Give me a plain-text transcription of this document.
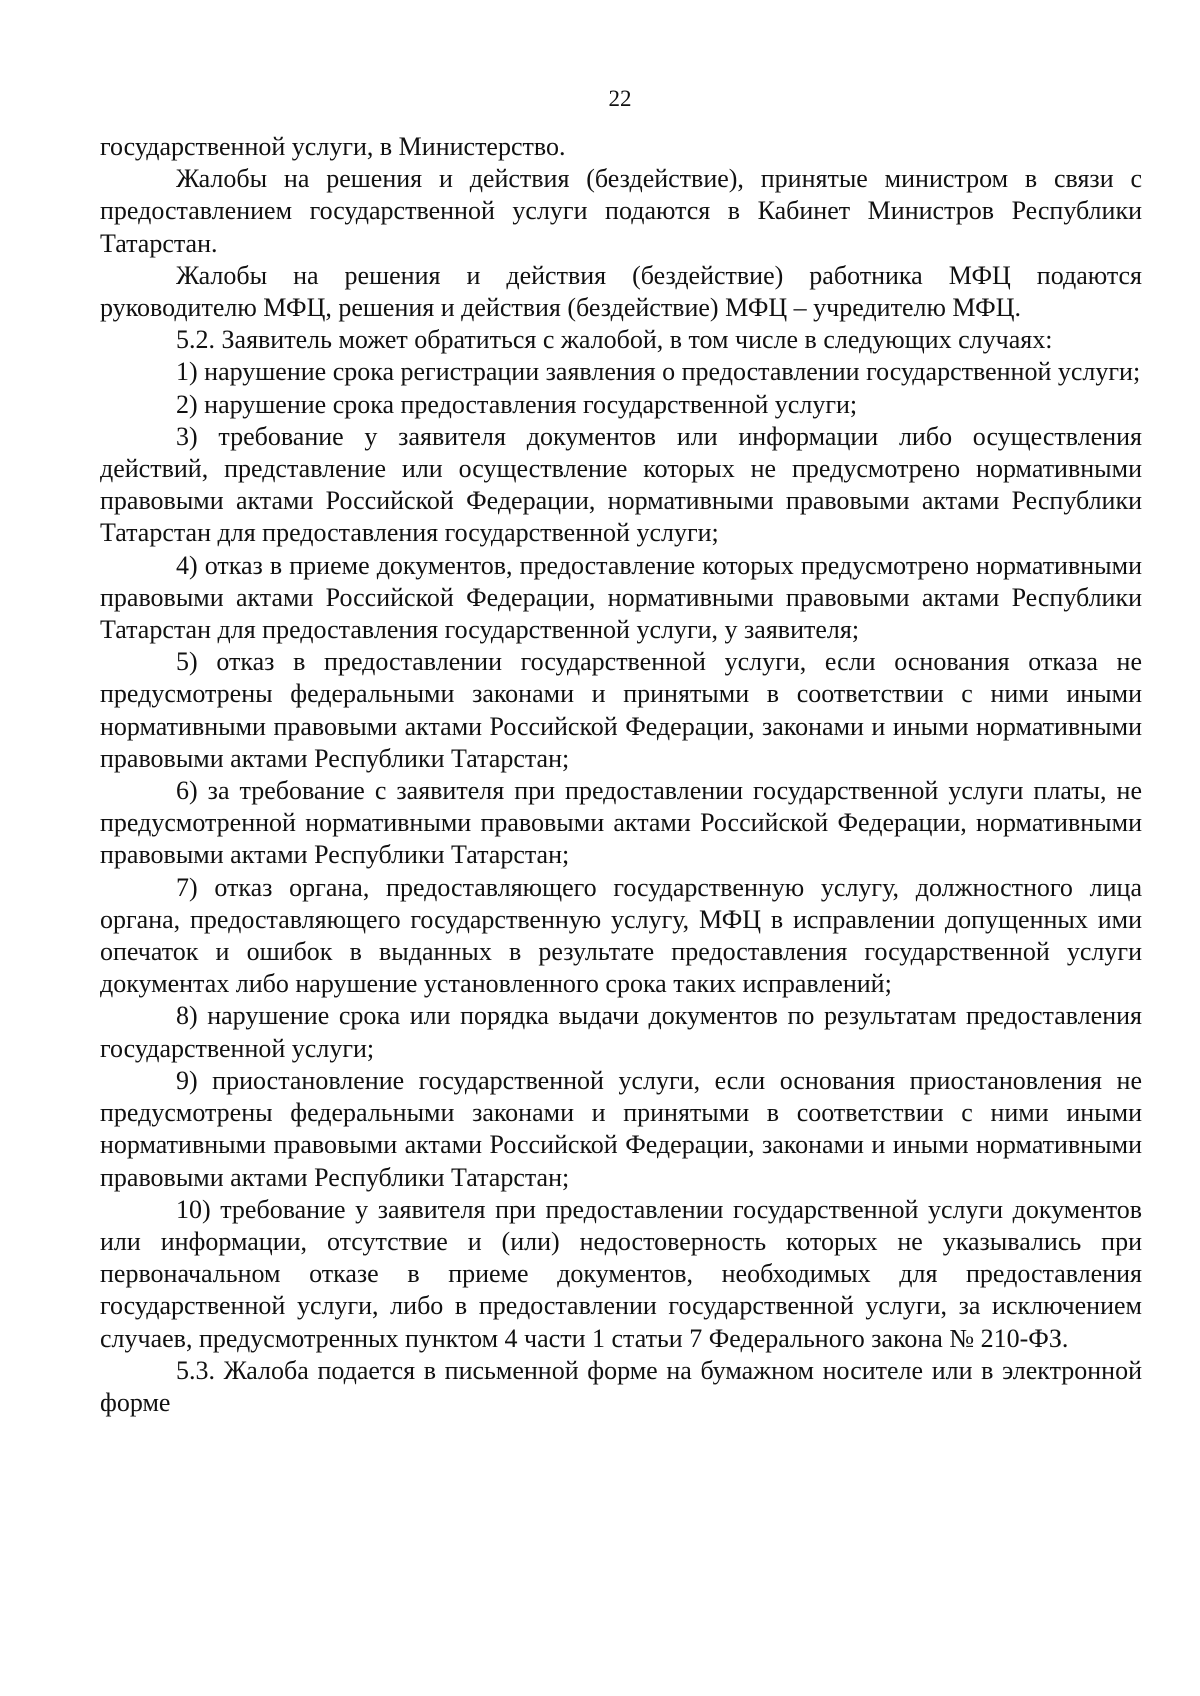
22

государственной услуги, в Министерство.

Жалобы на решения и действия (бездействие), принятые министром в связи с предоставлением государственной услуги подаются в Кабинет Министров Республики Татарстан.

Жалобы на решения и действия (бездействие) работника МФЦ подаются руководителю МФЦ, решения и действия (бездействие) МФЦ – учредителю МФЦ.

5.2. Заявитель может обратиться с жалобой, в том числе в следующих случаях:

1) нарушение срока регистрации заявления о предоставлении государственной услуги;

2) нарушение срока предоставления государственной услуги;

3) требование у заявителя документов или информации либо осуществления действий, представление или осуществление которых не предусмотрено нормативными правовыми актами Российской Федерации, нормативными правовыми актами Республики Татарстан для предоставления государственной услуги;

4) отказ в приеме документов, предоставление которых предусмотрено нормативными правовыми актами Российской Федерации, нормативными правовыми актами Республики Татарстан для предоставления государственной услуги, у заявителя;

5) отказ в предоставлении государственной услуги, если основания отказа не предусмотрены федеральными законами и принятыми в соответствии с ними иными нормативными правовыми актами Российской Федерации, законами и иными нормативными правовыми актами Республики Татарстан;

6) за требование с заявителя при предоставлении государственной услуги платы, не предусмотренной нормативными правовыми актами Российской Федерации, нормативными правовыми актами Республики Татарстан;

7) отказ органа, предоставляющего государственную услугу, должностного лица органа, предоставляющего государственную услугу, МФЦ в исправлении допущенных ими опечаток и ошибок в выданных в результате предоставления государственной услуги документах либо нарушение установленного срока таких исправлений;

8) нарушение срока или порядка выдачи документов по результатам предоставления государственной услуги;

9) приостановление государственной услуги, если основания приостановления не предусмотрены федеральными законами и принятыми в соответствии с ними иными нормативными правовыми актами Российской Федерации, законами и иными нормативными правовыми актами Республики Татарстан;

10) требование у заявителя при предоставлении государственной услуги документов или информации, отсутствие и (или) недостоверность которых не указывались при первоначальном отказе в приеме документов, необходимых для предоставления государственной услуги, либо в предоставлении государственной услуги, за исключением случаев, предусмотренных пунктом 4 части 1 статьи 7 Федерального закона № 210-ФЗ.

5.3. Жалоба подается в письменной форме на бумажном носителе или в электронной форме
